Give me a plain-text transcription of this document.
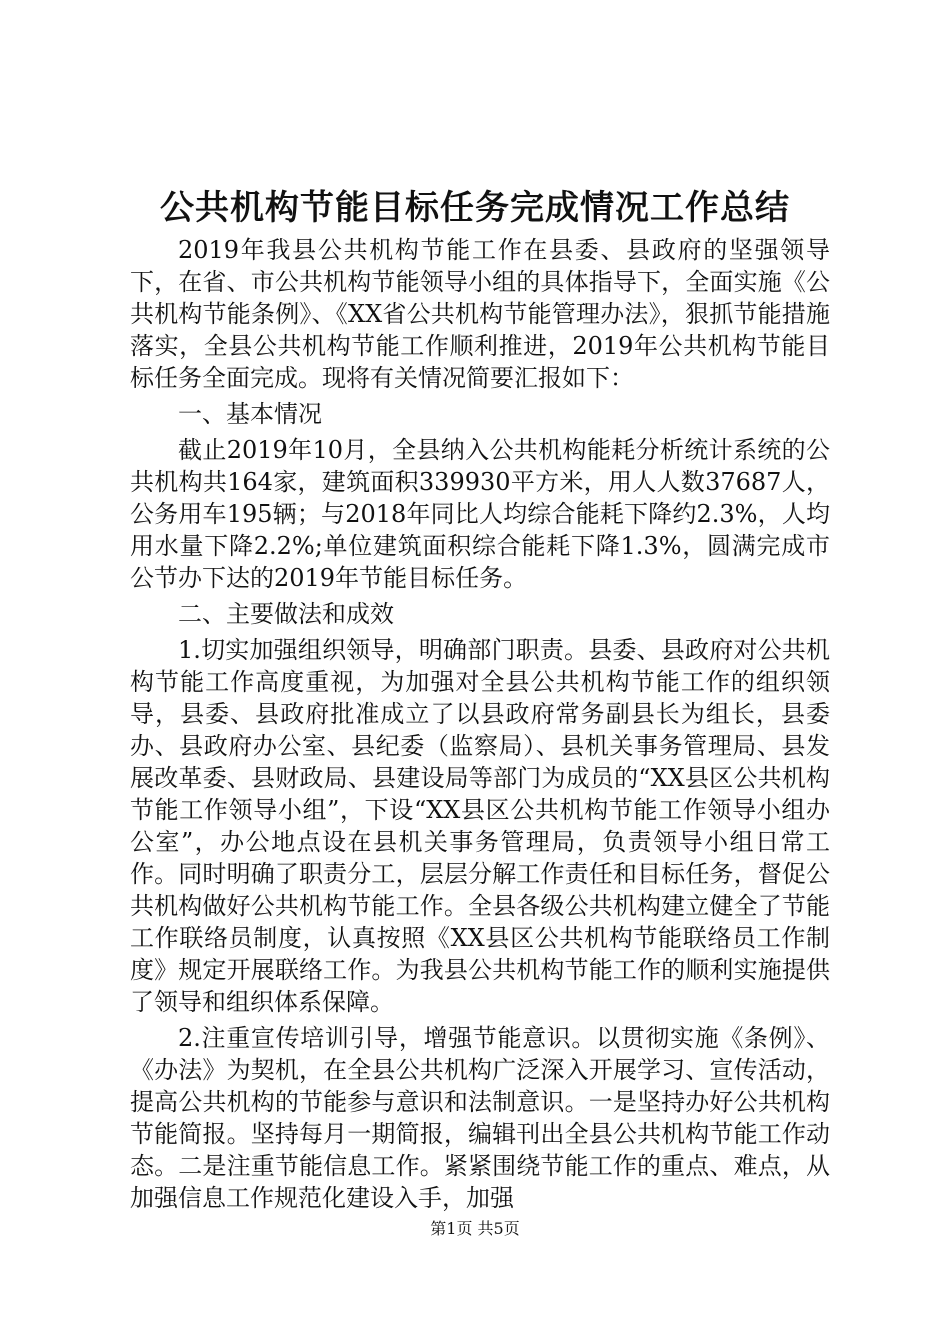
公共机构节能目标任务完成情况工作总结

2019年我县公共机构节能工作在县委、县政府的坚强领导下，在省、市公共机构节能领导小组的具体指导下，全面实施《公共机构节能条例》、《XX省公共机构节能管理办法》，狠抓节能措施落实，全县公共机构节能工作顺利推进，2019年公共机构节能目标任务全面完成。现将有关情况简要汇报如下：

一、基本情况

截止2019年10月，全县纳入公共机构能耗分析统计系统的公共机构共164家，建筑面积339930平方米，用人人数37687人，公务用车195辆；与2018年同比人均综合能耗下降约2.3%，人均用水量下降2.2%;单位建筑面积综合能耗下降1.3%，圆满完成市公节办下达的2019年节能目标任务。

二、主要做法和成效

1.切实加强组织领导，明确部门职责。县委、县政府对公共机构节能工作高度重视，为加强对全县公共机构节能工作的组织领导，县委、县政府批准成立了以县政府常务副县长为组长，县委办、县政府办公室、县纪委（监察局）、县机关事务管理局、县发展改革委、县财政局、县建设局等部门为成员的“XX县区公共机构节能工作领导小组”，下设“XX县区公共机构节能工作领导小组办公室”，办公地点设在县机关事务管理局，负责领导小组日常工作。同时明确了职责分工，层层分解工作责任和目标任务，督促公共机构做好公共机构节能工作。全县各级公共机构建立健全了节能工作联络员制度，认真按照《XX县区公共机构节能联络员工作制度》规定开展联络工作。为我县公共机构节能工作的顺利实施提供了领导和组织体系保障。

2.注重宣传培训引导，增强节能意识。以贯彻实施《条例》、《办法》为契机，在全县公共机构广泛深入开展学习、宣传活动，提高公共机构的节能参与意识和法制意识。一是坚持办好公共机构节能简报。坚持每月一期简报，编辑刊出全县公共机构节能工作动态。二是注重节能信息工作。紧紧围绕节能工作的重点、难点，从加强信息工作规范化建设入手，加强

第1页 共5页
